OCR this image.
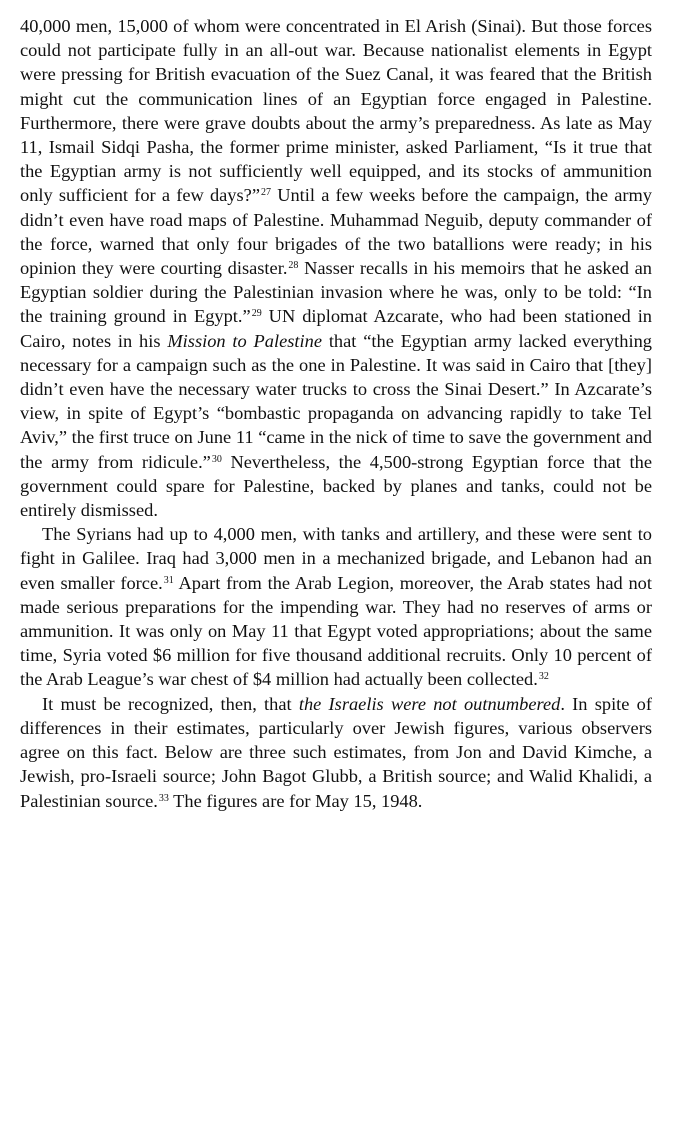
40,000 men, 15,000 of whom were concentrated in El Arish (Sinai). But those forces could not participate fully in an all-out war. Because nationalist elements in Egypt were pressing for British evacuation of the Suez Canal, it was feared that the British might cut the communication lines of an Egyptian force engaged in Palestine. Furthermore, there were grave doubts about the army’s preparedness. As late as May 11, Ismail Sidqi Pasha, the former prime minister, asked Parliament, “Is it true that the Egyptian army is not sufficiently well equipped, and its stocks of ammunition only sufficient for a few days?”$^{27}$ Until a few weeks before the campaign, the army didn’t even have road maps of Palestine. Muhammad Neguib, deputy commander of the force, warned that only four brigades of the two batallions were ready; in his opinion they were courting disaster.$^{28}$ Nasser recalls in his memoirs that he asked an Egyptian soldier during the Palestinian invasion where he was, only to be told: “In the training ground in Egypt.”$^{29}$ UN diplomat Azcarate, who had been stationed in Cairo, notes in his Mission to Palestine that “the Egyptian army lacked everything necessary for a campaign such as the one in Palestine. It was said in Cairo that [they] didn’t even have the necessary water trucks to cross the Sinai Desert.” In Azcarate’s view, in spite of Egypt’s “bombastic propaganda on advancing rapidly to take Tel Aviv,” the first truce on June 11 “came in the nick of time to save the government and the army from ridicule.”$^{30}$ Nevertheless, the 4,500-strong Egyptian force that the government could spare for Palestine, backed by planes and tanks, could not be entirely dismissed.

The Syrians had up to 4,000 men, with tanks and artillery, and these were sent to fight in Galilee. Iraq had 3,000 men in a mechanized brigade, and Lebanon had an even smaller force.$^{31}$ Apart from the Arab Legion, moreover, the Arab states had not made serious preparations for the impending war. They had no reserves of arms or ammunition. It was only on May 11 that Egypt voted appropriations; about the same time, Syria voted $6 million for five thousand additional recruits. Only 10 percent of the Arab League’s war chest of $4 million had actually been collected.$^{32}$

It must be recognized, then, that the Israelis were not outnumbered. In spite of differences in their estimates, particularly over Jewish figures, various observers agree on this fact. Below are three such estimates, from Jon and David Kimche, a Jewish, pro-Israeli source; John Bagot Glubb, a British source; and Walid Khalidi, a Palestinian source.$^{33}$ The figures are for May 15, 1948.
